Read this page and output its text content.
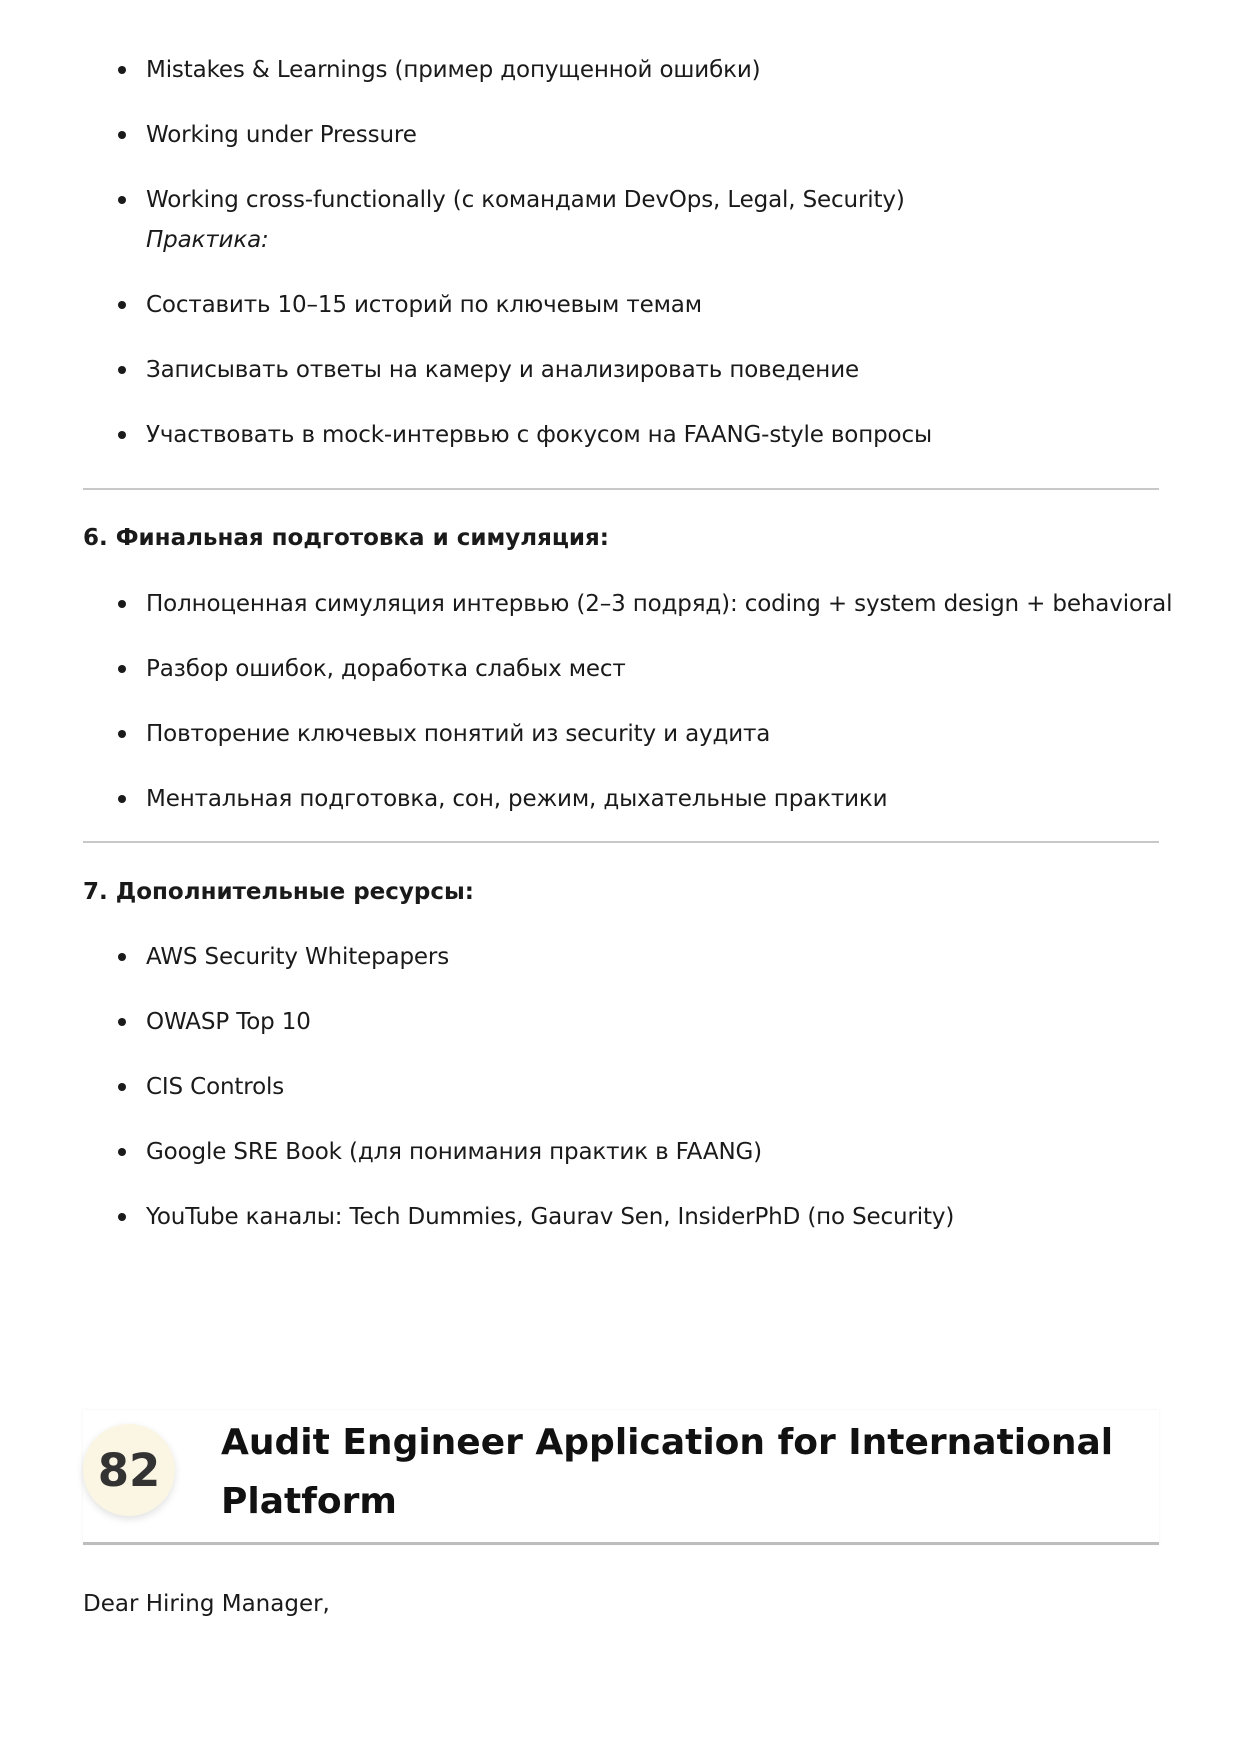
Mistakes & Learnings (пример допущенной ошибки)
Working under Pressure
Working cross-functionally (с командами DevOps, Legal, Security)
Практика:
Составить 10–15 историй по ключевым темам
Записывать ответы на камеру и анализировать поведение
Участвовать в mock-интервью с фокусом на FAANG-style вопросы
6. Финальная подготовка и симуляция:
Полноценная симуляция интервью (2–3 подряд): coding + system design + behavioral
Разбор ошибок, доработка слабых мест
Повторение ключевых понятий из security и аудита
Ментальная подготовка, сон, режим, дыхательные практики
7. Дополнительные ресурсы:
AWS Security Whitepapers
OWASP Top 10
CIS Controls
Google SRE Book (для понимания практик в FAANG)
YouTube каналы: Tech Dummies, Gaurav Sen, InsiderPhD (по Security)
82
Audit Engineer Application for International Platform

Dear Hiring Manager,
